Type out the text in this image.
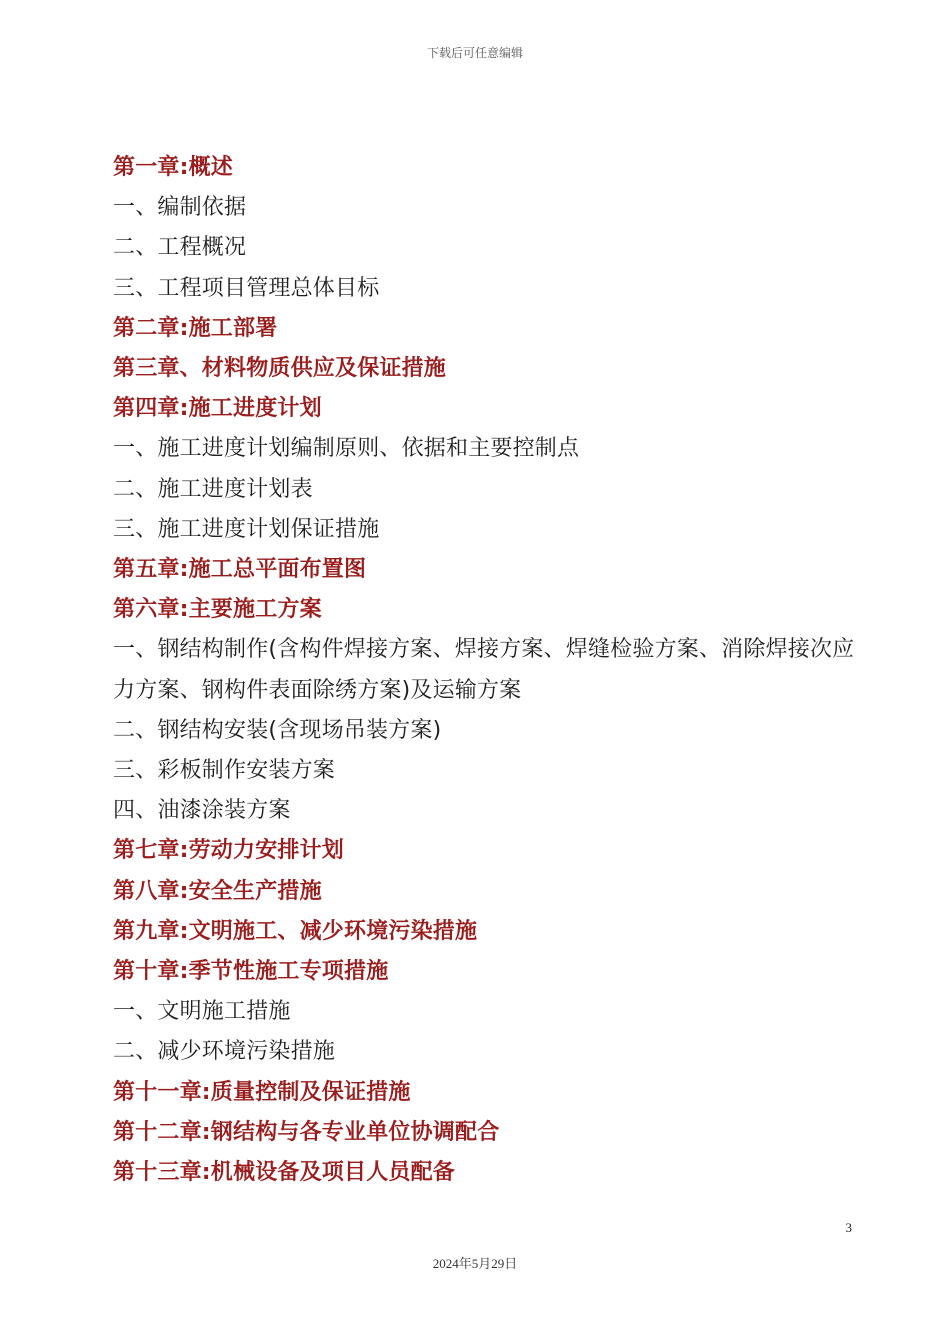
下载后可任意编辑
第一章:概述
一、编制依据
二、工程概况
三、工程项目管理总体目标
第二章:施工部署
第三章、材料物质供应及保证措施
第四章:施工进度计划
一、施工进度计划编制原则、依据和主要控制点
二、施工进度计划表
三、施工进度计划保证措施
第五章:施工总平面布置图
第六章:主要施工方案
一、钢结构制作(含构件焊接方案、焊接方案、焊缝检验方案、消除焊接次应力方案、钢构件表面除绣方案)及运输方案
二、钢结构安装(含现场吊装方案)
三、彩板制作安装方案
四、油漆涂装方案
第七章:劳动力安排计划
第八章:安全生产措施
第九章:文明施工、减少环境污染措施
第十章:季节性施工专项措施
一、文明施工措施
二、减少环境污染措施
第十一章:质量控制及保证措施
第十二章:钢结构与各专业单位协调配合
第十三章:机械设备及项目人员配备
3
2024年5月29日
